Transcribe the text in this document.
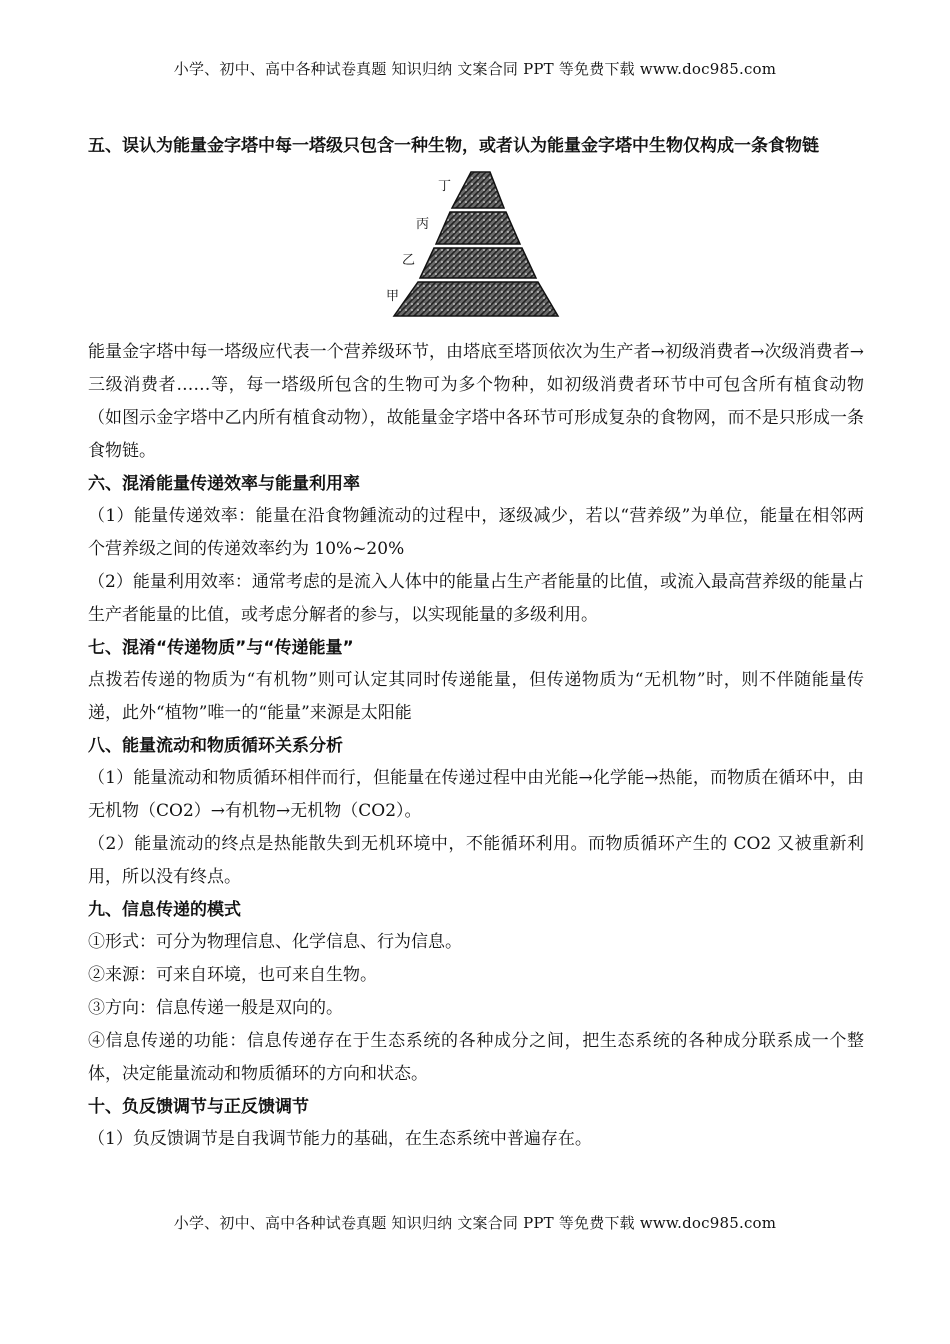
小学、初中、高中各种试卷真题 知识归纳 文案合同 PPT 等免费下载 www.doc985.com

五、误认为能量金字塔中每一塔级只包含一种生物，或者认为能量金字塔中生物仅构成一条食物链

丁
丙
乙
甲

能量金字塔中每一塔级应代表一个营养级环节，由塔底至塔顶依次为生产者→初级消费者→次级消费者→三级消费者……等，每一塔级所包含的生物可为多个物种，如初级消费者环节中可包含所有植食动物（如图示金字塔中乙内所有植食动物），故能量金字塔中各环节可形成复杂的食物网，而不是只形成一条食物链。

六、混淆能量传递效率与能量利用率

（1）能量传递效率：能量在沿食物鍾流动的过程中，逐级减少，若以“营养级”为单位，能量在相邻两个营养级之间的传递效率约为 10%~20%

（2）能量利用效率：通常考虑的是流入人体中的能量占生产者能量的比值，或流入最高营养级的能量占生产者能量的比值，或考虑分解者的参与，以实现能量的多级利用。

七、混淆“传递物质”与“传递能量”

点拨若传递的物质为“有机物”则可认定其同时传递能量，但传递物质为“无机物”时，则不伴随能量传递，此外“植物”唯一的“能量”来源是太阳能

八、能量流动和物质循环关系分析

（1）能量流动和物质循环相伴而行，但能量在传递过程中由光能→化学能→热能，而物质在循环中，由无机物（CO2）→有机物→无机物（CO2）。

（2）能量流动的终点是热能散失到无机环境中，不能循环利用。而物质循环产生的 CO2 又被重新利用，所以没有终点。

九、信息传递的模式

①形式：可分为物理信息、化学信息、行为信息。

②来源：可来自环境，也可来自生物。

③方向：信息传递一般是双向的。

④信息传递的功能：信息传递存在于生态系统的各种成分之间，把生态系统的各种成分联系成一个整体，决定能量流动和物质循环的方向和状态。

十、负反馈调节与正反馈调节

（1）负反馈调节是自我调节能力的基础，在生态系统中普遍存在。

小学、初中、高中各种试卷真题 知识归纳 文案合同 PPT 等免费下载 www.doc985.com
